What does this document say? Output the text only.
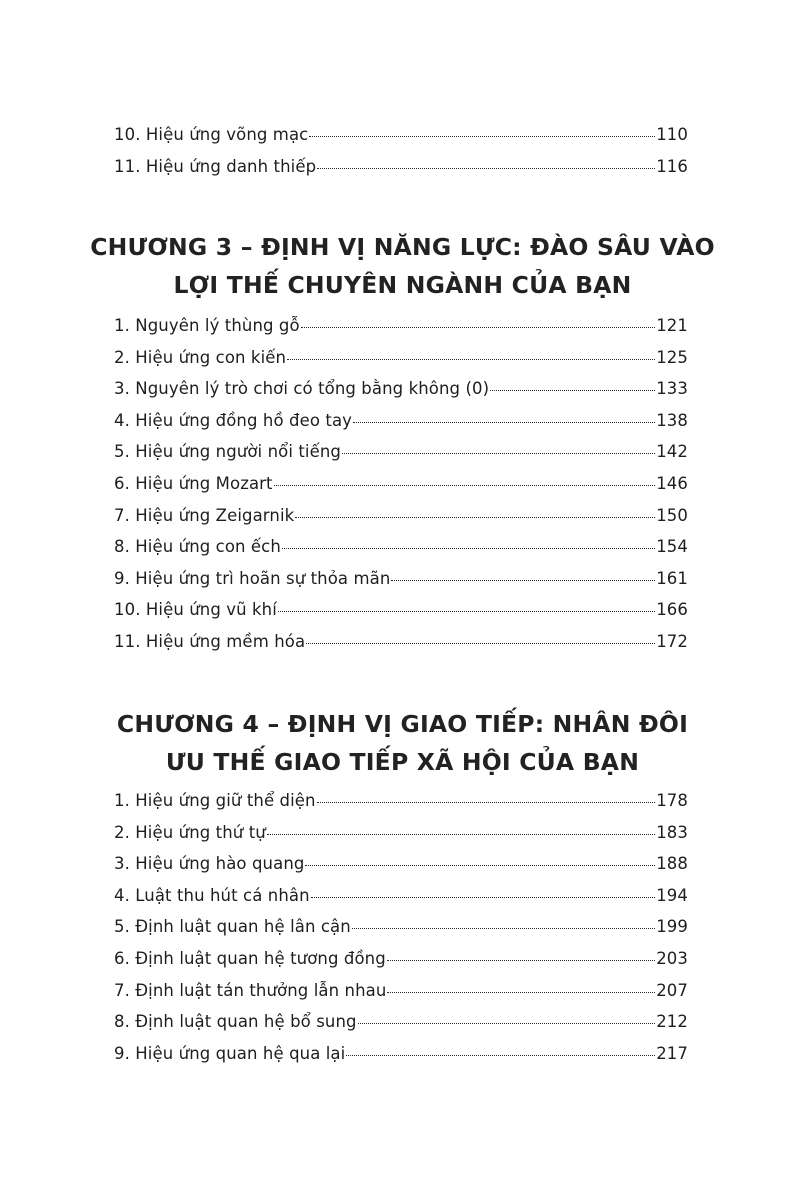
10. Hiệu ứng võng mạc	110
11. Hiệu ứng danh thiếp	116
CHƯƠNG 3 – ĐỊNH VỊ NĂNG LỰC: ĐÀO SÂU VÀO
LỢI THẾ CHUYÊN NGÀNH CỦA BẠN
1. Nguyên lý thùng gỗ	121
2. Hiệu ứng con kiến	125
3. Nguyên lý trò chơi có tổng bằng không (0)	133
4. Hiệu ứng đồng hồ đeo tay	138
5. Hiệu ứng người nổi tiếng	142
6. Hiệu ứng Mozart	146
7. Hiệu ứng Zeigarnik	150
8. Hiệu ứng con ếch	154
9. Hiệu ứng trì hoãn sự thỏa mãn	161
10. Hiệu ứng vũ khí	166
11. Hiệu ứng mềm hóa	172
CHƯƠNG 4 – ĐỊNH VỊ GIAO TIẾP: NHÂN ĐÔI
ƯU THẾ GIAO TIẾP XÃ HỘI CỦA BẠN
1. Hiệu ứng giữ thể diện	178
2. Hiệu ứng thứ tự	183
3. Hiệu ứng hào quang	188
4. Luật thu hút cá nhân	194
5. Định luật quan hệ lân cận	199
6. Định luật quan hệ tương đồng	203
7. Định luật tán thưởng lẫn nhau	207
8. Định luật quan hệ bổ sung	212
9. Hiệu ứng quan hệ qua lại	217
